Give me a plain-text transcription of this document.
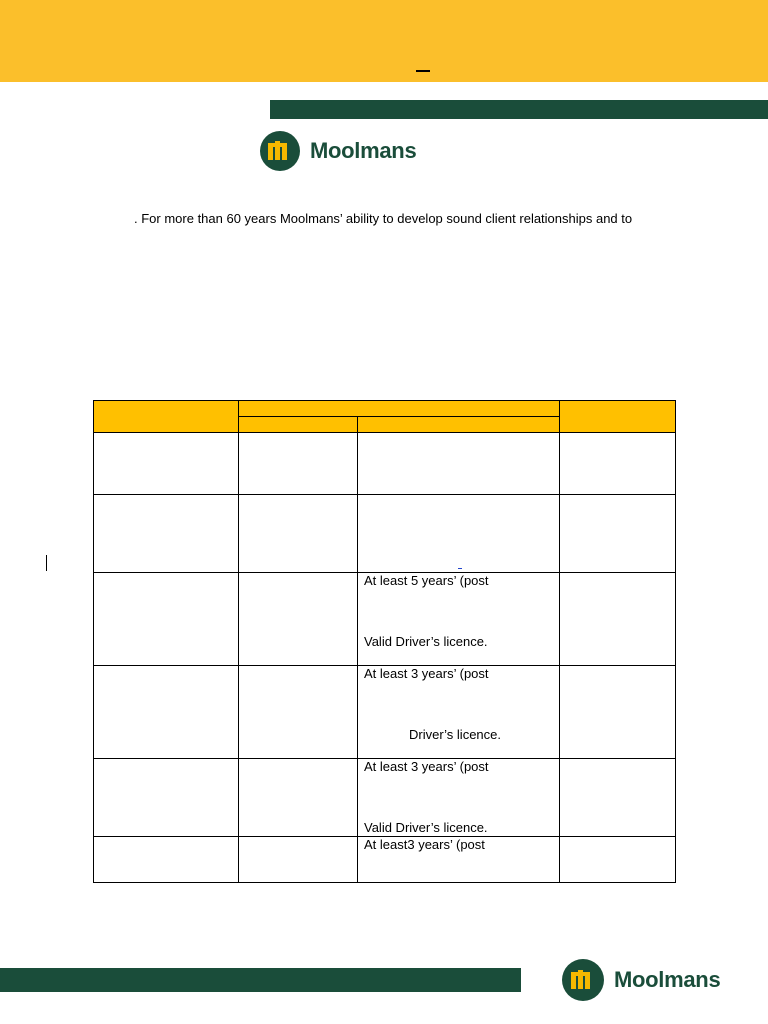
Moolmans
. For more than 60 years Moolmans’ ability to develop sound client relationships and to

		At least 5 years’ (post
Valid Driver’s licence.	

		At least 3 years’ (post
Driver’s licence.	

		At least 3 years’ (post
Valid Driver’s licence.	

		At least3 years’ (post	

Moolmans
